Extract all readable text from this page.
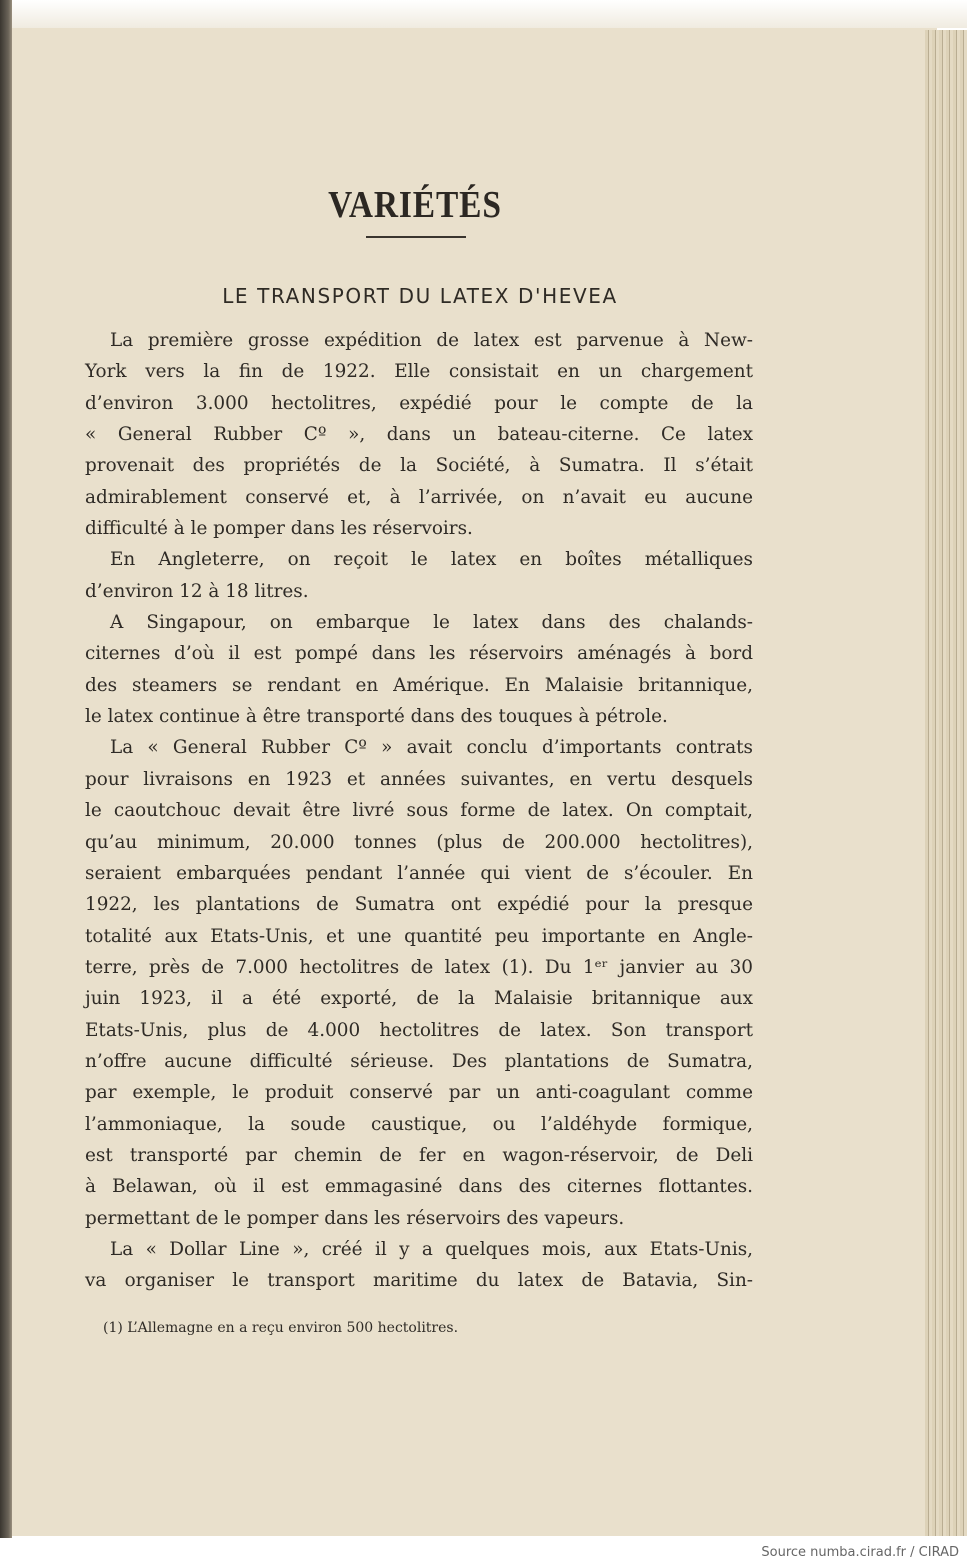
VARIÉTÉS
LE TRANSPORT DU LATEX D'HEVEA
La première grosse expédition de latex est parvenue à New-
York vers la fin de 1922. Elle consistait en un chargement
d’environ 3.000 hectolitres, expédié pour le compte de la
« General Rubber Cº », dans un bateau-citerne. Ce latex
provenait des propriétés de la Société, à Sumatra. Il s’était
admirablement conservé et, à l’arrivée, on n’avait eu aucune
difficulté à le pomper dans les réservoirs.
En Angleterre, on reçoit le latex en boîtes métalliques
d’environ 12 à 18 litres.
A Singapour, on embarque le latex dans des chalands-
citernes d’où il est pompé dans les réservoirs aménagés à bord
des steamers se rendant en Amérique. En Malaisie britannique,
le latex continue à être transporté dans des touques à pétrole.
La « General Rubber Cº » avait conclu d’importants contrats
pour livraisons en 1923 et années suivantes, en vertu desquels
le caoutchouc devait être livré sous forme de latex. On comptait,
qu’au minimum, 20.000 tonnes (plus de 200.000 hectolitres),
seraient embarquées pendant l’année qui vient de s’écouler. En
1922, les plantations de Sumatra ont expédié pour la presque
totalité aux Etats-Unis, et une quantité peu importante en Angle-
terre, près de 7.000 hectolitres de latex (1). Du 1ᵉʳ janvier au 30
juin 1923, il a été exporté, de la Malaisie britannique aux
Etats-Unis, plus de 4.000 hectolitres de latex. Son transport
n’offre aucune difficulté sérieuse. Des plantations de Sumatra,
par exemple, le produit conservé par un anti-coagulant comme
l’ammoniaque, la soude caustique, ou l’aldéhyde formique,
est transporté par chemin de fer en wagon-réservoir, de Deli
à Belawan, où il est emmagasiné dans des citernes flottantes.
permettant de le pomper dans les réservoirs des vapeurs.
La « Dollar Line », créé il y a quelques mois, aux Etats-Unis,
va organiser le transport maritime du latex de Batavia, Sin-
(1) L’Allemagne en a reçu environ 500 hectolitres.
Source numba.cirad.fr / CIRAD
